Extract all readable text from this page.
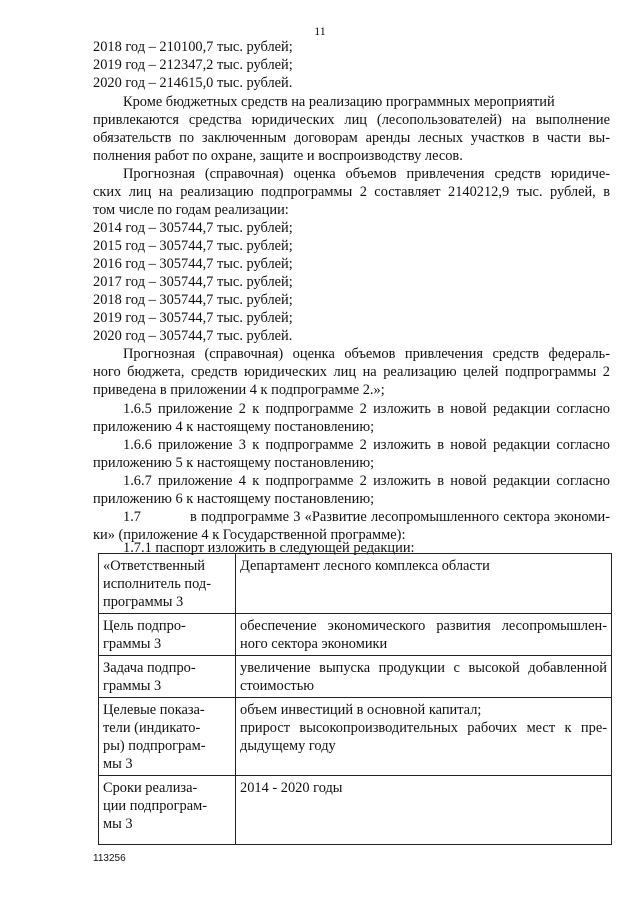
11

2018 год – 210100,7 тыс. рублей;

2019 год – 212347,2 тыс. рублей;

2020 год – 214615,0 тыс. рублей.

Кроме бюджетных средств на реализацию программных мероприятий

привлекаются средства юридических лиц (лесопользователей) на выполнение

обязательств по заключенным договорам аренды лесных участков в части вы-

полнения работ по охране, защите и воспроизводству лесов.

Прогнозная (справочная) оценка объемов привлечения средств юридиче-

ских лиц на реализацию подпрограммы 2 составляет 2140212,9 тыс. рублей, в

том числе по годам реализации:

2014 год – 305744,7 тыс. рублей;

2015 год – 305744,7 тыс. рублей;

2016 год – 305744,7 тыс. рублей;

2017 год – 305744,7 тыс. рублей;

2018 год – 305744,7 тыс. рублей;

2019 год – 305744,7 тыс. рублей;

2020 год – 305744,7 тыс. рублей.

Прогнозная (справочная) оценка объемов привлечения средств федераль-

ного бюджета, средств юридических лиц на реализацию целей подпрограммы 2

приведена в приложении 4 к подпрограмме 2.»;

1.6.5 приложение 2 к подпрограмме 2 изложить в новой редакции согласно

приложению 4 к настоящему постановлению;

1.6.6 приложение 3 к подпрограмме 2 изложить в новой редакции согласно

приложению 5 к настоящему постановлению;

1.6.7 приложение 4 к подпрограмме 2 изложить в новой редакции согласно

приложению 6 к настоящему постановлению;

1.7	в подпрограмме 3 «Развитие лесопромышленного сектора экономи-

ки» (приложение 4 к Государственной программе):

1.7.1 паспорт изложить в следующей редакции:

«Ответственный
исполнитель под-
программы 3	Департамент лесного комплекса области

Цель подпро-
граммы 3	обеспечение экономического развития лесопромышлен-
ного сектора экономики

Задача подпро-
граммы 3	увеличение выпуска продукции с высокой добавленной
стоимостью

Целевые показа-
тели (индикато-
ры) подпрограм-
мы 3	объем инвестиций в основной капитал;
прирост высокопроизводительных рабочих мест к пре-
дыдущему году

Сроки реализа-
ции подпрограм-
мы 3	2014 - 2020 годы
113256
